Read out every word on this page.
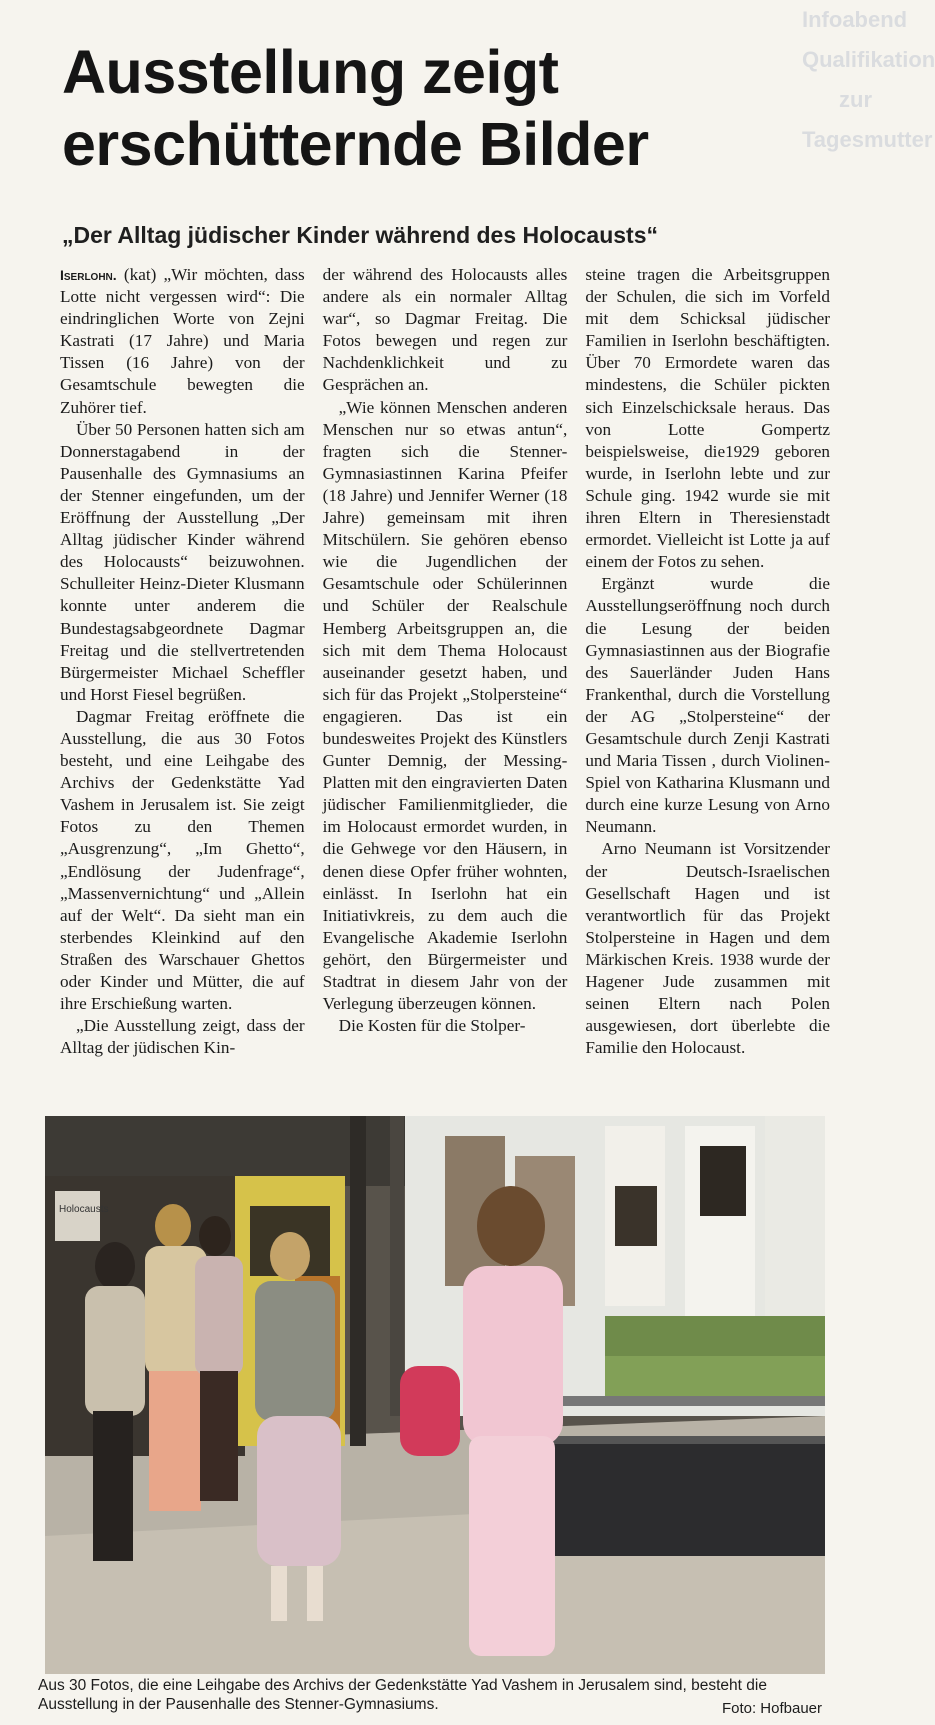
Infoabend
Qualifikation
zur Tagesmutter
Ausstellung zeigt
erschütternde Bilder
„Der Alltag jüdischer Kinder während des Holocausts“

Iserlohn. (kat) „Wir möchten, dass Lotte nicht vergessen wird“: Die eindringlichen Worte von Zejni Kastrati (17 Jahre) und Maria Tissen (16 Jahre) von der Gesamtschule bewegten die Zuhörer tief.

Über 50 Personen hatten sich am Donnerstagabend in der Pausenhalle des Gymnasiums an der Stenner eingefunden, um der Eröffnung der Ausstellung „Der Alltag jüdischer Kinder während des Holocausts“ beizuwohnen. Schulleiter Heinz-Dieter Klusmann konnte unter anderem die Bundestagsabgeordnete Dagmar Freitag und die stellvertretenden Bürgermeister Michael Scheffler und Horst Fiesel begrüßen.

Dagmar Freitag eröffnete die Ausstellung, die aus 30 Fotos besteht, und eine Leihgabe des Archivs der Gedenkstätte Yad Vashem in Jerusalem ist. Sie zeigt Fotos zu den Themen „Ausgrenzung“, „Im Ghetto“, „Endlösung der Judenfrage“, „Massenvernichtung“ und „Allein auf der Welt“. Da sieht man ein sterbendes Kleinkind auf den Straßen des Warschauer Ghettos oder Kinder und Mütter, die auf ihre Erschießung warten.

„Die Ausstellung zeigt, dass der Alltag der jüdischen Kin-

der während des Holocausts alles andere als ein normaler Alltag war“, so Dagmar Freitag. Die Fotos bewegen und regen zur Nachdenklichkeit und zu Gesprächen an.

„Wie können Menschen anderen Menschen nur so etwas antun“, fragten sich die Stenner-Gymnasiastinnen Karina Pfeifer (18 Jahre) und Jennifer Werner (18 Jahre) gemeinsam mit ihren Mitschülern. Sie gehören ebenso wie die Jugendlichen der Gesamtschule oder Schülerinnen und Schüler der Realschule Hemberg Arbeitsgruppen an, die sich mit dem Thema Holocaust auseinander gesetzt haben, und sich für das Projekt „Stolpersteine“ engagieren. Das ist ein bundesweites Projekt des Künstlers Gunter Demnig, der Messing-Platten mit den eingravierten Daten jüdischer Familienmitglieder, die im Holocaust ermordet wurden, in die Gehwege vor den Häusern, in denen diese Opfer früher wohnten, einlässt. In Iserlohn hat ein Initiativkreis, zu dem auch die Evangelische Akademie Iserlohn gehört, den Bürgermeister und Stadtrat in diesem Jahr von der Verlegung überzeugen können.

Die Kosten für die Stolper-

steine tragen die Arbeitsgruppen der Schulen, die sich im Vorfeld mit dem Schicksal jüdischer Familien in Iserlohn beschäftigten. Über 70 Ermordete waren das mindestens, die Schüler pickten sich Einzelschicksale heraus. Das von Lotte Gompertz beispielsweise, die1929 geboren wurde, in Iserlohn lebte und zur Schule ging. 1942 wurde sie mit ihren Eltern in Theresienstadt ermordet. Vielleicht ist Lotte ja auf einem der Fotos zu sehen.

Ergänzt wurde die Ausstellungseröffnung noch durch die Lesung der beiden Gymnasiastinnen aus der Biografie des Sauerländer Juden Hans Frankenthal, durch die Vorstellung der AG „Stolpersteine“ der Gesamtschule durch Zenji Kastrati und Maria Tissen , durch Violinen-Spiel von Katharina Klusmann und durch eine kurze Lesung von Arno Neumann.

Arno Neumann ist Vorsitzender der Deutsch-Israelischen Gesellschaft Hagen und ist verantwortlich für das Projekt Stolpersteine in Hagen und dem Märkischen Kreis. 1938 wurde der Hagener Jude zusammen mit seinen Eltern nach Polen ausgewiesen, dort überlebte die Familie den Holocaust.

Holocausts
Aus 30 Fotos, die eine Leihgabe des Archivs der Gedenkstätte Yad Vashem in Jerusalem sind, besteht die Ausstellung in der Pausenhalle des Stenner-Gymnasiums.	Foto: Hofbauer
